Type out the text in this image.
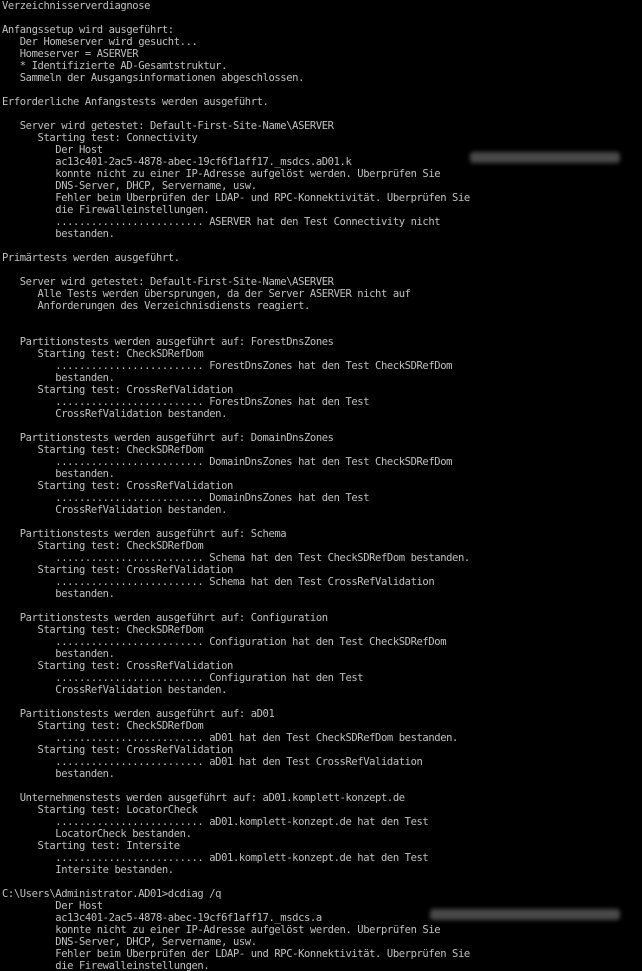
Verzeichnisserverdiagnose
Anfangssetup wird ausgeführt:
Der Homeserver wird gesucht...
Homeserver = ASERVER
* Identifizierte AD-Gesamtstruktur.
Sammeln der Ausgangsinformationen abgeschlossen.
Erforderliche Anfangstests werden ausgeführt.
Server wird getestet: Default-First-Site-Name\ASERVER
Starting test: Connectivity
Der Host
ac13c401-2ac5-4878-abec-19cf6f1aff17._msdcs.aD01.k
konnte nicht zu einer IP-Adresse aufgelöst werden. Überprüfen Sie
DNS-Server, DHCP, Servername, usw.
Fehler beim Überprüfen der LDAP- und RPC-Konnektivität. Überprüfen Sie
die Firewalleinstellungen.
......................... ASERVER hat den Test Connectivity nicht
bestanden.
Primärtests werden ausgeführt.
Server wird getestet: Default-First-Site-Name\ASERVER
Alle Tests werden übersprungen, da der Server ASERVER nicht auf
Anforderungen des Verzeichnisdiensts reagiert.
Partitionstests werden ausgeführt auf: ForestDnsZones
Starting test: CheckSDRefDom
......................... ForestDnsZones hat den Test CheckSDRefDom
bestanden.
Starting test: CrossRefValidation
......................... ForestDnsZones hat den Test
CrossRefValidation bestanden.
Partitionstests werden ausgeführt auf: DomainDnsZones
Starting test: CheckSDRefDom
......................... DomainDnsZones hat den Test CheckSDRefDom
bestanden.
Starting test: CrossRefValidation
......................... DomainDnsZones hat den Test
CrossRefValidation bestanden.
Partitionstests werden ausgeführt auf: Schema
Starting test: CheckSDRefDom
......................... Schema hat den Test CheckSDRefDom bestanden.
Starting test: CrossRefValidation
......................... Schema hat den Test CrossRefValidation
bestanden.
Partitionstests werden ausgeführt auf: Configuration
Starting test: CheckSDRefDom
......................... Configuration hat den Test CheckSDRefDom
bestanden.
Starting test: CrossRefValidation
......................... Configuration hat den Test
CrossRefValidation bestanden.
Partitionstests werden ausgeführt auf: aD01
Starting test: CheckSDRefDom
......................... aD01 hat den Test CheckSDRefDom bestanden.
Starting test: CrossRefValidation
......................... aD01 hat den Test CrossRefValidation
bestanden.
Unternehmenstests werden ausgeführt auf: aD01.komplett-konzept.de
Starting test: LocatorCheck
......................... aD01.komplett-konzept.de hat den Test
LocatorCheck bestanden.
Starting test: Intersite
......................... aD01.komplett-konzept.de hat den Test
Intersite bestanden.
C:\Users\Administrator.AD01>dcdiag /q
Der Host
ac13c401-2ac5-4878-abec-19cf6f1aff17._msdcs.a
konnte nicht zu einer IP-Adresse aufgelöst werden. Überprüfen Sie
DNS-Server, DHCP, Servername, usw.
Fehler beim Überprüfen der LDAP- und RPC-Konnektivität. Überprüfen Sie
die Firewalleinstellungen.
